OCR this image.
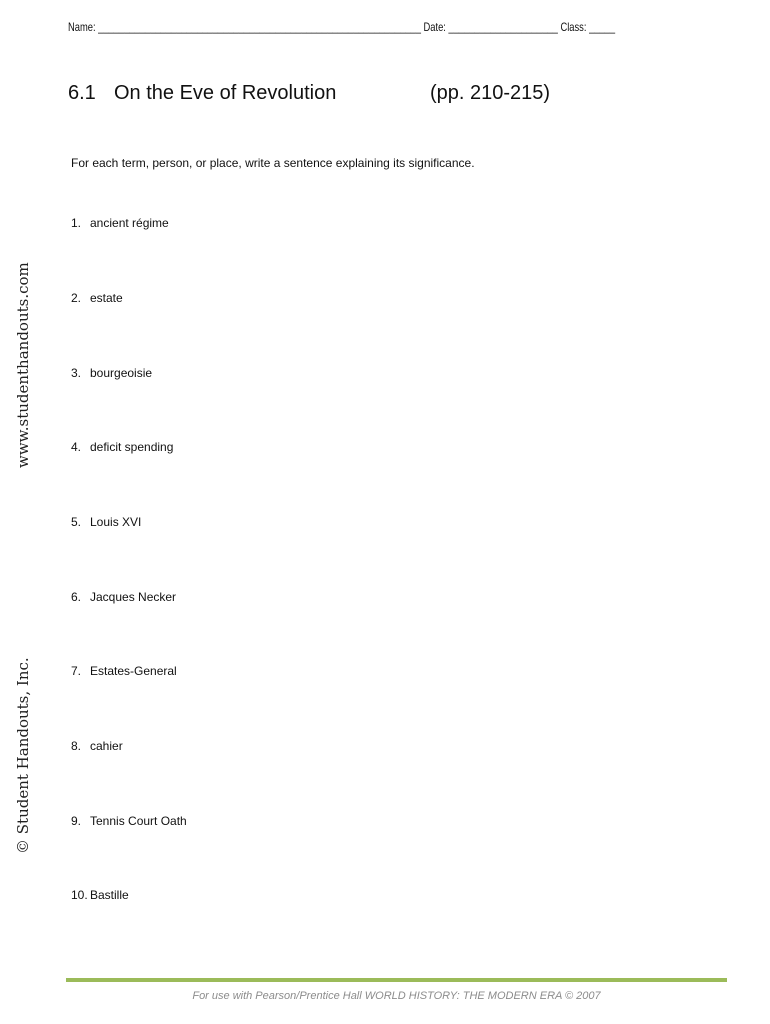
Name: ______________________________________________________________ Date: _____________________ Class: _____
6.1 On the Eve of Revolution	(pp. 210-215)
For each term, person, or place, write a sentence explaining its significance.
1. ancient régime
2. estate
3. bourgeoisie
4. deficit spending
5. Louis XVI
6. Jacques Necker
7. Estates-General
8. cahier
9. Tennis Court Oath
10. Bastille
www.studenthandouts.com
© Student Handouts, Inc.
For use with Pearson/Prentice Hall WORLD HISTORY: THE MODERN ERA © 2007
